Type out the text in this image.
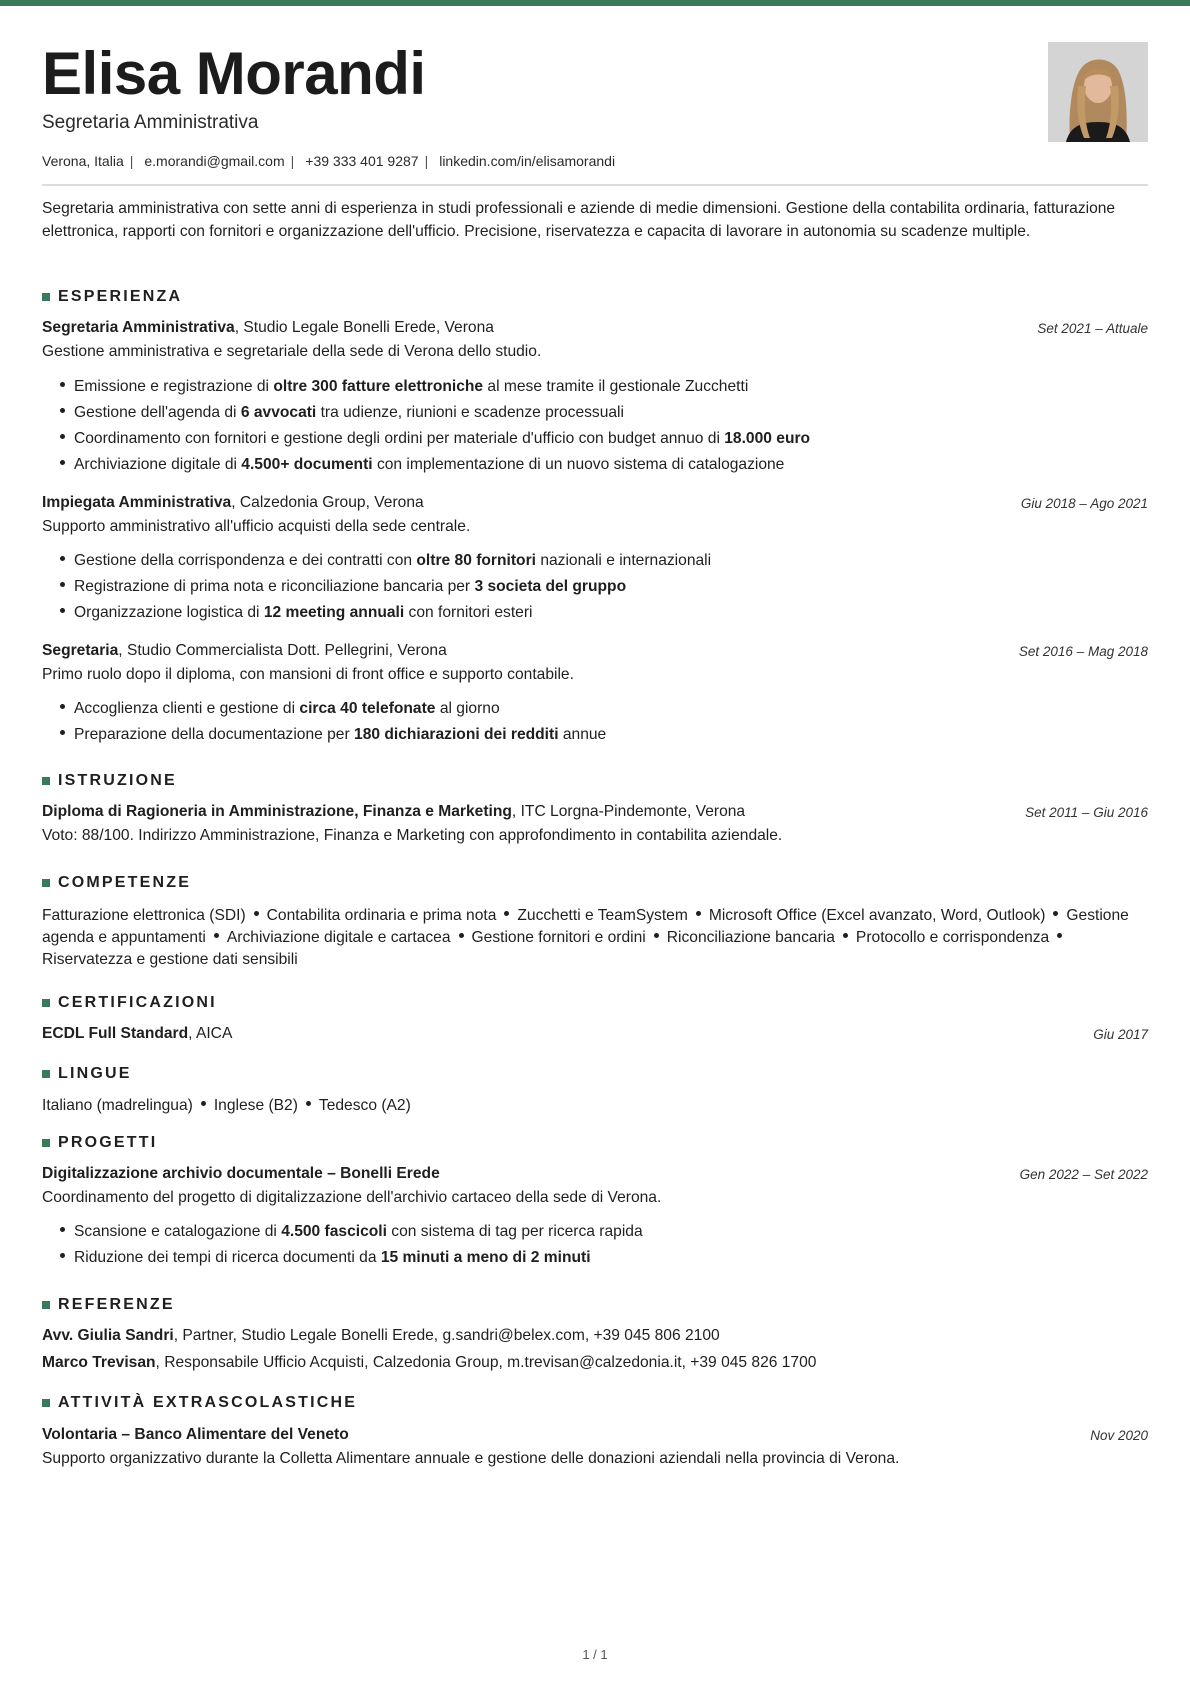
Elisa Morandi
Segretaria Amministrativa
Verona, Italia | e.morandi@gmail.com | +39 333 401 9287 | linkedin.com/in/elisamorandi
Segretaria amministrativa con sette anni di esperienza in studi professionali e aziende di medie dimensioni. Gestione della contabilita ordinaria, fatturazione elettronica, rapporti con fornitori e organizzazione dell'ufficio. Precisione, riservatezza e capacita di lavorare in autonomia su scadenze multiple.
ESPERIENZA
Segretaria Amministrativa, Studio Legale Bonelli Erede, Verona	Set 2021 – Attuale
Gestione amministrativa e segretariale della sede di Verona dello studio.
Emissione e registrazione di oltre 300 fatture elettroniche al mese tramite il gestionale Zucchetti
Gestione dell'agenda di 6 avvocati tra udienze, riunioni e scadenze processuali
Coordinamento con fornitori e gestione degli ordini per materiale d'ufficio con budget annuo di 18.000 euro
Archiviazione digitale di 4.500+ documenti con implementazione di un nuovo sistema di catalogazione
Impiegata Amministrativa, Calzedonia Group, Verona	Giu 2018 – Ago 2021
Supporto amministrativo all'ufficio acquisti della sede centrale.
Gestione della corrispondenza e dei contratti con oltre 80 fornitori nazionali e internazionali
Registrazione di prima nota e riconciliazione bancaria per 3 societa del gruppo
Organizzazione logistica di 12 meeting annuali con fornitori esteri
Segretaria, Studio Commercialista Dott. Pellegrini, Verona	Set 2016 – Mag 2018
Primo ruolo dopo il diploma, con mansioni di front office e supporto contabile.
Accoglienza clienti e gestione di circa 40 telefonate al giorno
Preparazione della documentazione per 180 dichiarazioni dei redditi annue
ISTRUZIONE
Diploma di Ragioneria in Amministrazione, Finanza e Marketing, ITC Lorgna-Pindemonte, Verona	Set 2011 – Giu 2016
Voto: 88/100. Indirizzo Amministrazione, Finanza e Marketing con approfondimento in contabilita aziendale.
COMPETENZE
Fatturazione elettronica (SDI) Contabilita ordinaria e prima nota Zucchetti e TeamSystem Microsoft Office (Excel avanzato, Word, Outlook) Gestione agenda e appuntamenti Archiviazione digitale e cartacea Gestione fornitori e ordini Riconciliazione bancaria Protocollo e corrispondenzaRiservatezza e gestione dati sensibili
CERTIFICAZIONI
ECDL Full Standard, AICA	Giu 2017
LINGUE
Italiano (madrelingua) Inglese (B2) Tedesco (A2)
PROGETTI
Digitalizzazione archivio documentale – Bonelli Erede	Gen 2022 – Set 2022
Coordinamento del progetto di digitalizzazione dell'archivio cartaceo della sede di Verona.
Scansione e catalogazione di 4.500 fascicoli con sistema di tag per ricerca rapida
Riduzione dei tempi di ricerca documenti da 15 minuti a meno di 2 minuti
REFERENZE
Avv. Giulia Sandri, Partner, Studio Legale Bonelli Erede, g.sandri@belex.com, +39 045 806 2100
Marco Trevisan, Responsabile Ufficio Acquisti, Calzedonia Group, m.trevisan@calzedonia.it, +39 045 826 1700
ATTIVITÀ EXTRASCOLASTICHE
Volontaria – Banco Alimentare del Veneto	Nov 2020
Supporto organizzativo durante la Colletta Alimentare annuale e gestione delle donazioni aziendali nella provincia di Verona.
1 / 1
